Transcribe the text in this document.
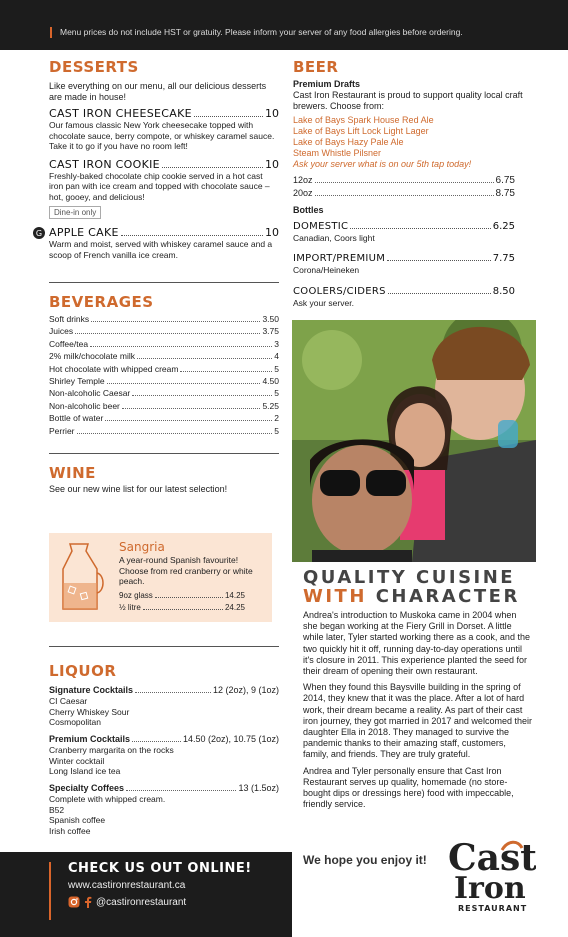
Menu prices do not include HST or gratuity. Please inform your server of any food allergies before ordering.
DESSERTS
Like everything on our menu, all our delicious desserts are made in house!
CAST IRON CHEESECAKE	10
Our famous classic New York cheesecake topped with chocolate sauce, berry compote, or whiskey caramel sauce. Take it to go if you have no room left!
CAST IRON COOKIE	10
Freshly-baked chocolate chip cookie served in a hot cast iron pan with ice cream and topped with chocolate sauce – hot, gooey, and delicious!
Dine-in only
G APPLE CAKE	10
Warm and moist, served with whiskey caramel sauce and a scoop of French vanilla ice cream.
BEVERAGES
Soft drinks	3.50
Juices	3.75
Coffee/tea	3
2% milk/chocolate milk	4
Hot chocolate with whipped cream	5
Shirley Temple	4.50
Non-alcoholic Caesar	5
Non-alcoholic beer	5.25
Bottle of water	2
Perrier	5
WINE
See our new wine list for our latest selection!
Sangria
A year-round Spanish favourite! Choose from red cranberry or white peach.
9oz glass	14.25
½ litre	24.25
LIQUOR
Signature Cocktails	12 (2oz), 9 (1oz)
CI Caesar
Cherry Whiskey Sour
Cosmopolitan
Premium Cocktails	14.50 (2oz), 10.75 (1oz)
Cranberry margarita on the rocks
Winter cocktail
Long Island ice tea
Specialty Coffees	13 (1.5oz)
Complete with whipped cream.
B52
Spanish coffee
Irish coffee
BEER
Premium Drafts
Cast Iron Restaurant is proud to support quality local craft brewers. Choose from:
Lake of Bays Spark House Red Ale
Lake of Bays Lift Lock Light Lager
Lake of Bays Hazy Pale Ale
Steam Whistle Pilsner
Ask your server what is on our 5th tap today!
12oz	6.75
20oz	8.75
Bottles
DOMESTIC	6.25
Canadian, Coors light
IMPORT/PREMIUM	7.75
Corona/Heineken
COOLERS/CIDERS	8.50
Ask your server.
QUALITY CUISINE
WITH CHARACTER

Andrea's introduction to Muskoka came in 2004 when she began working at the Fiery Grill in Dorset. A little while later, Tyler started working there as a cook, and the two quickly hit it off, running day-to-day operations until it's closure in 2011. This experience planted the seed for their dream of opening their own restaurant.

When they found this Baysville building in the spring of 2014, they knew that it was the place. After a lot of hard work, their dream became a reality. As part of their cast iron journey, they got married in 2017 and welcomed their daughter Ella in 2018. They managed to survive the pandemic thanks to their amazing staff, customers, family, and friends. They are truly grateful.

Andrea and Tyler personally ensure that Cast Iron Restaurant serves up quality, homemade (no store-bought dips or dressings here) food with impeccable, friendly service.

We hope you enjoy it! Cast
Iron
RESTAURANT
CHECK US OUT ONLINE!
www.castironrestaurant.ca
@castironrestaurant
